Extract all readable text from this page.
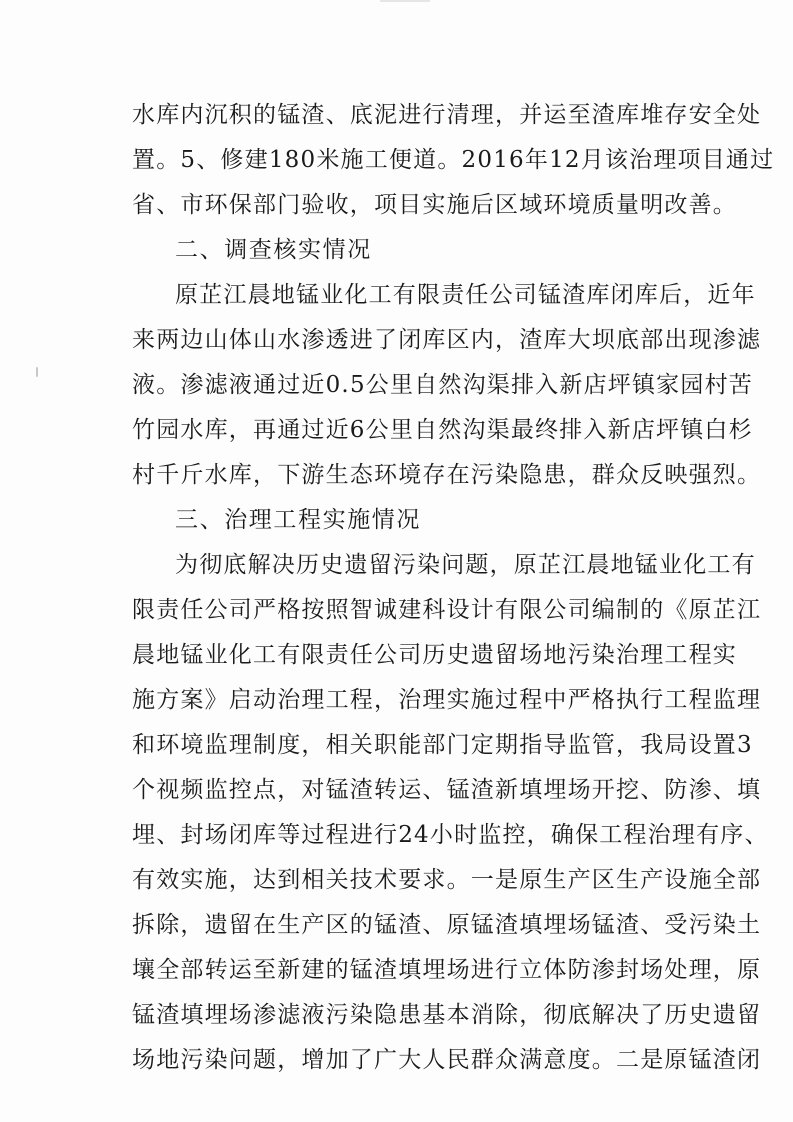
水库内沉积的锰渣、底泥进行清理，并运至渣库堆存安全处
置。5、修建180米施工便道。2016年12月该治理项目通过
省、市环保部门验收，项目实施后区域环境质量明改善。
二、调查核实情况
原芷江晨地锰业化工有限责任公司锰渣库闭库后，近年
来两边山体山水渗透进了闭库区内，渣库大坝底部出现渗滤
液。渗滤液通过近0.5公里自然沟渠排入新店坪镇家园村苦
竹园水库，再通过近6公里自然沟渠最终排入新店坪镇白杉
村千斤水库，下游生态环境存在污染隐患，群众反映强烈。
三、治理工程实施情况
为彻底解决历史遗留污染问题，原芷江晨地锰业化工有
限责任公司严格按照智诚建科设计有限公司编制的《原芷江
晨地锰业化工有限责任公司历史遗留场地污染治理工程实
施方案》启动治理工程，治理实施过程中严格执行工程监理
和环境监理制度，相关职能部门定期指导监管，我局设置3
个视频监控点，对锰渣转运、锰渣新填埋场开挖、防渗、填
埋、封场闭库等过程进行24小时监控，确保工程治理有序、
有效实施，达到相关技术要求。一是原生产区生产设施全部
拆除，遗留在生产区的锰渣、原锰渣填埋场锰渣、受污染土
壤全部转运至新建的锰渣填埋场进行立体防渗封场处理，原
锰渣填埋场渗滤液污染隐患基本消除，彻底解决了历史遗留
场地污染问题，增加了广大人民群众满意度。二是原锰渣闭
